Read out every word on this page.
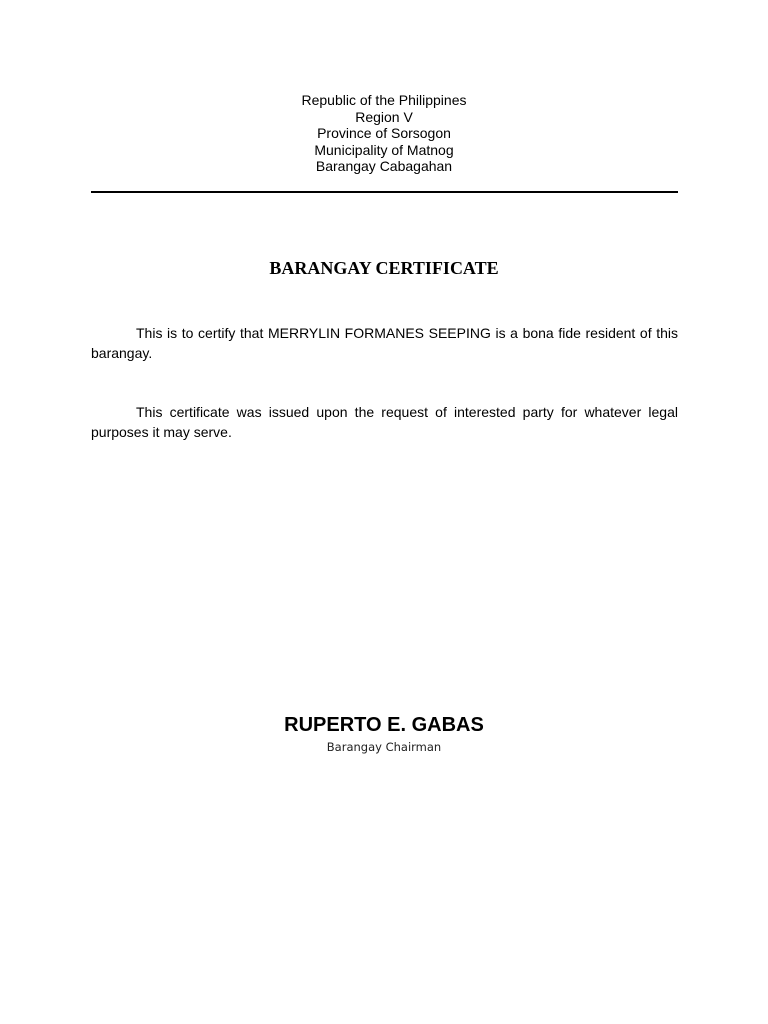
Republic of the Philippines
Region V
Province of Sorsogon
Municipality of Matnog
Barangay Cabagahan
BARANGAY CERTIFICATE

This is to certify that MERRYLIN FORMANES SEEPING is a bona fide resident of this barangay.

This certificate was issued upon the request of interested party for whatever legal purposes it may serve.

RUPERTO E. GABAS
Barangay Chairman
